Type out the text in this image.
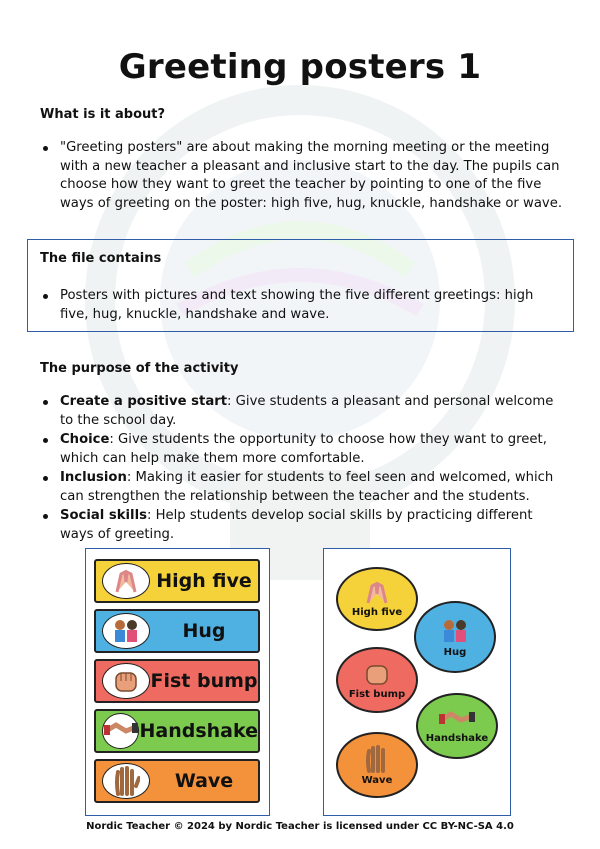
Greeting posters 1
What is it about?
"Greeting posters" are about making the morning meeting or the meeting with a new teacher a pleasant and inclusive start to the day. The pupils can choose how they want to greet the teacher by pointing to one of the five ways of greeting on the poster: high five, hug, knuckle, handshake or wave.
The file contains
Posters with pictures and text showing the five different greetings: high five, hug, knuckle, handshake and wave.
The purpose of the activity
Create a positive start: Give students a pleasant and personal welcome to the school day.
Choice: Give students the opportunity to choose how they want to greet, which can help make them more comfortable.
Inclusion: Making it easier for students to feel seen and welcomed, which can strengthen the relationship between the teacher and the students.
Social skills: Help students develop social skills by practicing different ways of greeting.
High five
Hug
Fist bump
Handshake
Wave
High five
Hug
Fist bump
Handshake
Wave
Nordic Teacher © 2024 by Nordic Teacher is licensed under CC BY-NC-SA 4.0
